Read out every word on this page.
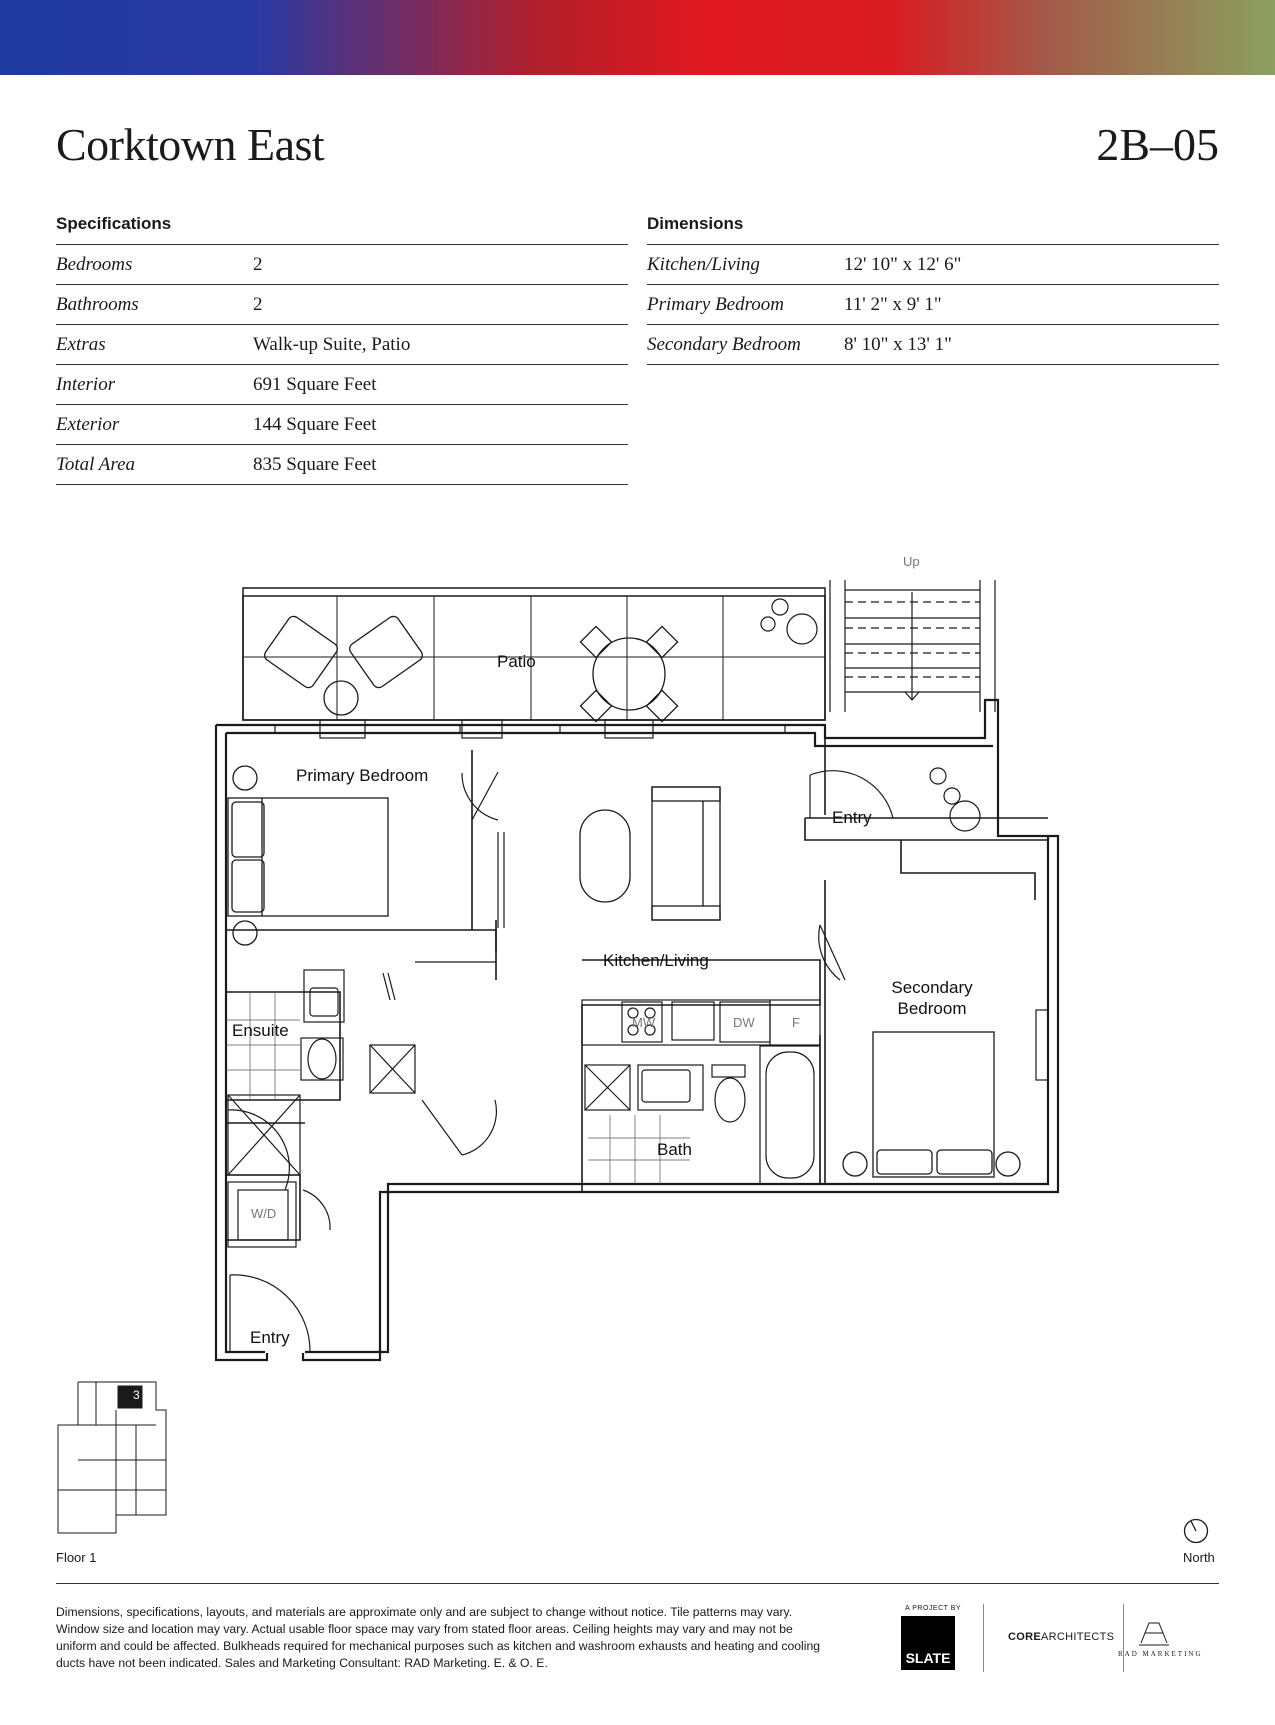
Corktown East	2B–05
Specifications
Bedrooms	2
Bathrooms	2
Extras	Walk-up Suite, Patio
Interior	691 Square Feet
Exterior	144 Square Feet
Total Area	835 Square Feet
Dimensions
Kitchen/Living	12' 10" x 12' 6"
Primary Bedroom	11' 2" x 9' 1"
Secondary Bedroom	8' 10" x 13' 1"
Patio
Up
Primary Bedroom
Entry
Kitchen/Living
Secondary Bedroom
Ensuite
Bath
Entry
MW	DW	F
W/D
3
Floor 1	North
Dimensions, specifications, layouts, and materials are approximate only and are subject to change without notice. Tile patterns may vary. Window size and location may vary. Actual usable floor space may vary from stated floor areas. Ceiling heights may vary and may not be uniform and could be affected. Bulkheads required for mechanical purposes such as kitchen and washroom exhausts and heating and cooling ducts have not been indicated. Sales and Marketing Consultant: RAD Marketing. E. & O. E.
A PROJECT BY
SLATE
COREARCHITECTS
RAD MARKETING
